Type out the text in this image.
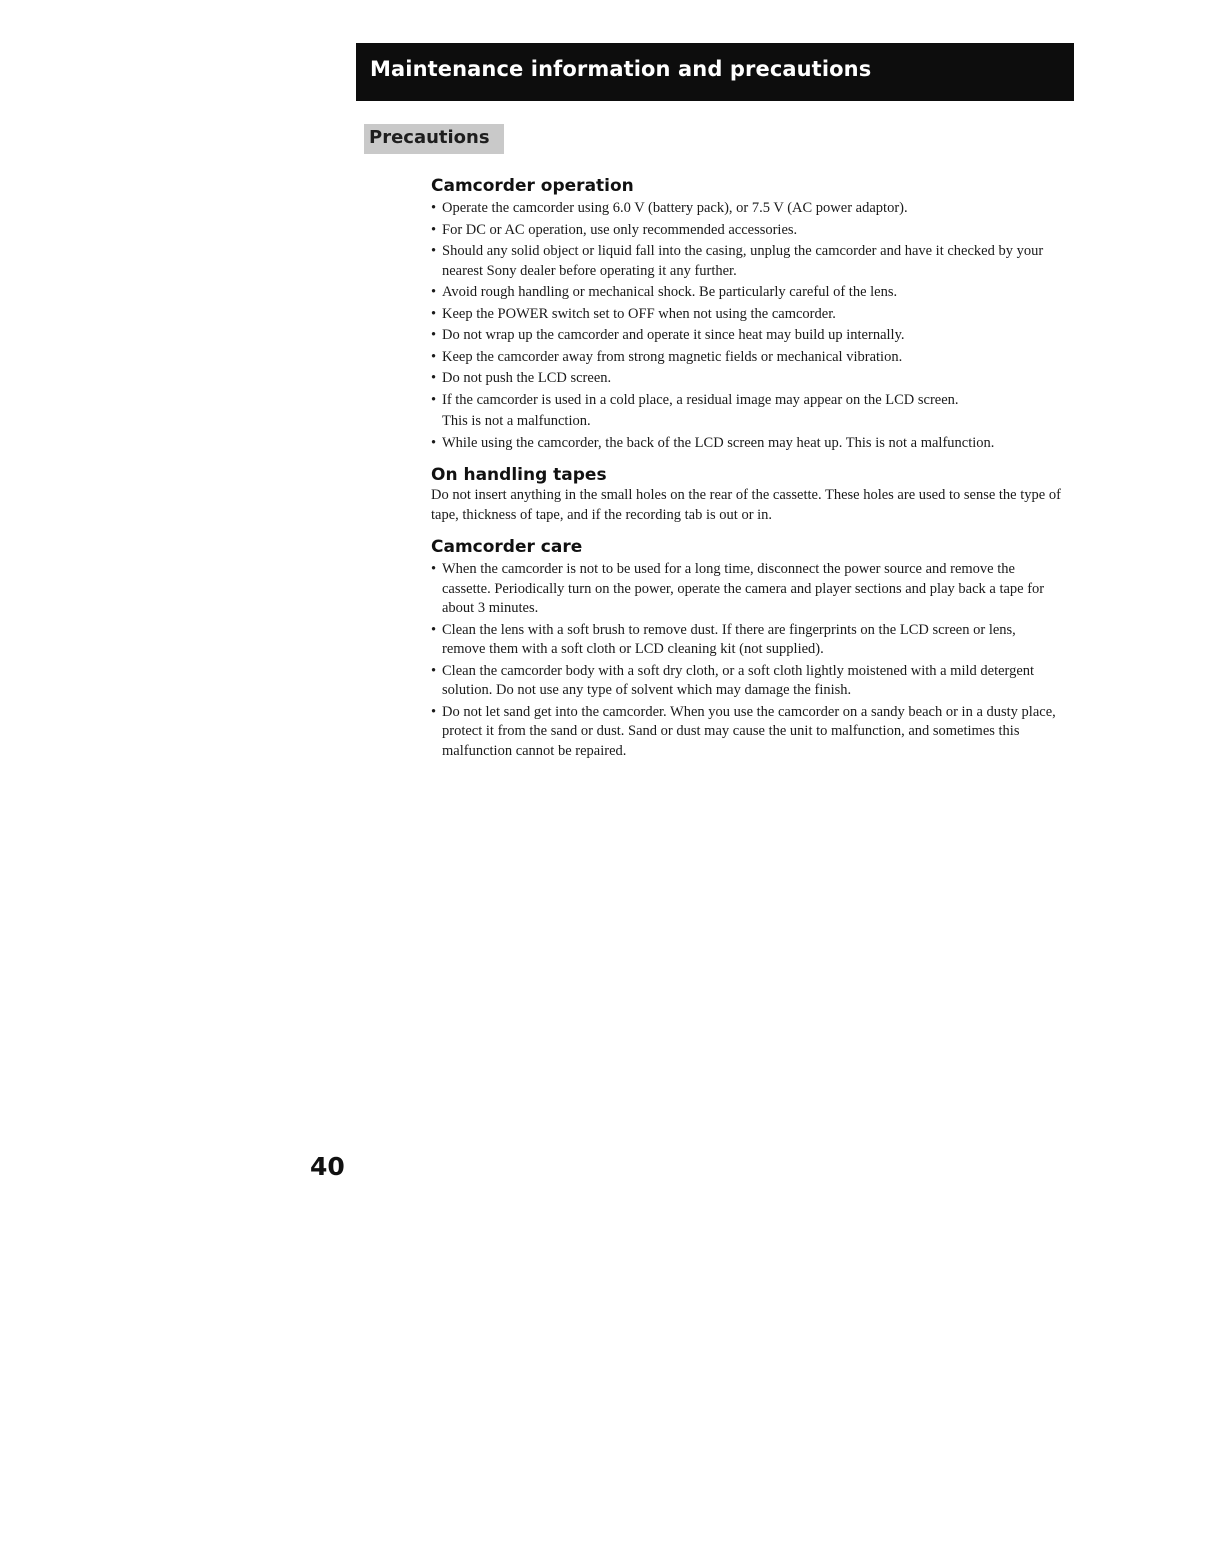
Maintenance information and precautions
Precautions
Camcorder operation
• Operate the camcorder using 6.0 V (battery pack), or 7.5 V (AC power adaptor).
• For DC or AC operation, use only recommended accessories.
• Should any solid object or liquid fall into the casing, unplug the camcorder and have it checked by your nearest Sony dealer before operating it any further.
• Avoid rough handling or mechanical shock. Be particularly careful of the lens.
• Keep the POWER switch set to OFF when not using the camcorder.
• Do not wrap up the camcorder and operate it since heat may build up internally.
• Keep the camcorder away from strong magnetic fields or mechanical vibration.
• Do not push the LCD screen.
• If the camcorder is used in a cold place, a residual image may appear on the LCD screen.
This is not a malfunction.
• While using the camcorder, the back of the LCD screen may heat up. This is not a malfunction.
On handling tapes

Do not insert anything in the small holes on the rear of the cassette. These holes are used to sense the type of tape, thickness of tape, and if the recording tab is out or in.

Camcorder care
• When the camcorder is not to be used for a long time, disconnect the power source and remove the cassette. Periodically turn on the power, operate the camera and player sections and play back a tape for about 3 minutes.
• Clean the lens with a soft brush to remove dust. If there are fingerprints on the LCD screen or lens, remove them with a soft cloth or LCD cleaning kit (not supplied).
• Clean the camcorder body with a soft dry cloth, or a soft cloth lightly moistened with a mild detergent solution. Do not use any type of solvent which may damage the finish.
• Do not let sand get into the camcorder. When you use the camcorder on a sandy beach or in a dusty place, protect it from the sand or dust. Sand or dust may cause the unit to malfunction, and sometimes this malfunction cannot be repaired.
40
